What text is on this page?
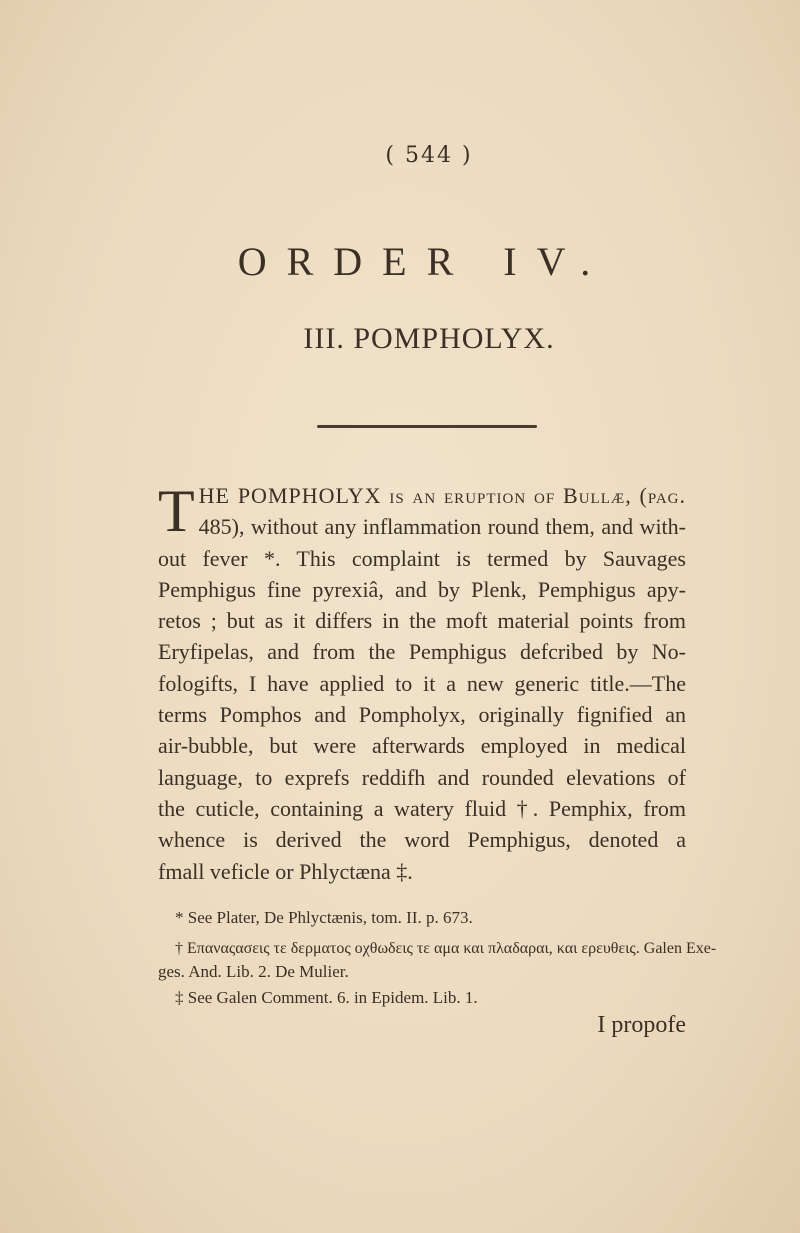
( 544 )
ORDER IV.
III. POMPHOLYX.
T HE POMPHOLYX is an eruption of Bullæ, (pag.
485), without any inflammation round them, and with-
out fever *. This complaint is termed by Sauvages
Pemphigus fine pyrexiâ, and by Plenk, Pemphigus apy-
retos ; but as it differs in the moft material points from
Eryfipelas, and from the Pemphigus defcribed by No-
fologifts, I have applied to it a new generic title.—The
terms Pomphos and Pompholyx, originally fignified an
air-bubble, but were afterwards employed in medical
language, to exprefs reddifh and rounded elevations of
the cuticle, containing a watery fluid †. Pemphix, from
whence is derived the word Pemphigus, denoted a
fmall veficle or Phlyctæna ‡.
* See Plater, De Phlyctænis, tom. II. p. 673.
† Επαναςασεις τε δερματος οχθωδεις τε αμα και πλαδαραι, και ερευθεις. Galen Exe-
ges. And. Lib. 2. De Mulier.
‡ See Galen Comment. 6. in Epidem. Lib. 1.
I propofe
